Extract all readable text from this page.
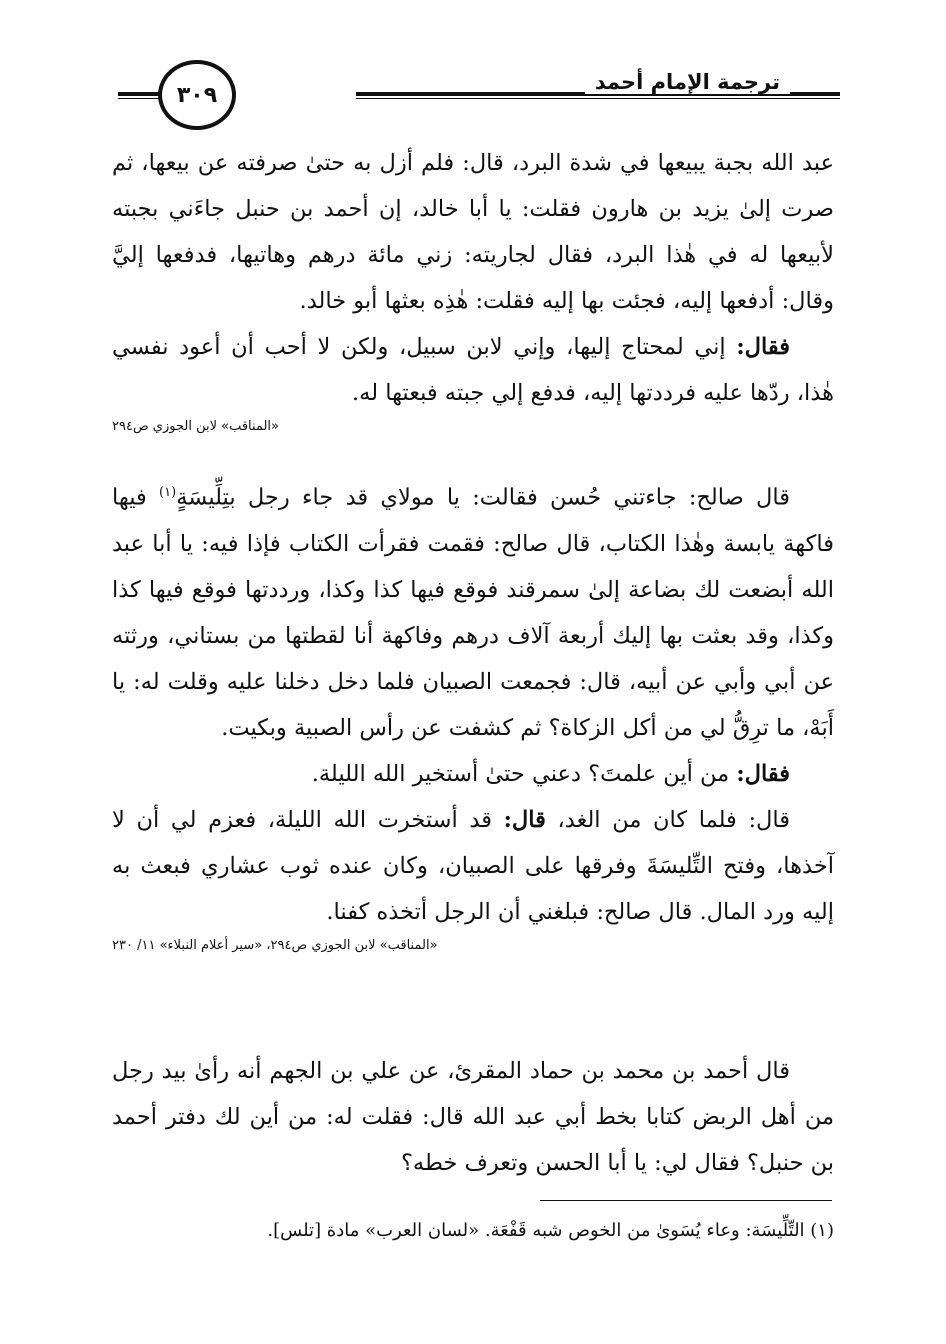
ترجمة الإمام أحمد
٣٠٩

عبد الله بجبة يبيعها في شدة البرد، قال: فلم أزل به حتىٰ صرفته عن بيعها، ثم صرت إلىٰ يزيد بن هارون فقلت: يا أبا خالد، إن أحمد بن حنبل جاءَني بجبته لأبيعها له في هٰذا البرد، فقال لجاريته: زني مائة درهم وهاتيها، فدفعها إليَّ وقال: أدفعها إليه، فجئت بها إليه فقلت: هٰذِه بعثها أبو خالد.

فقال: إني لمحتاج إليها، وإني لابن سبيل، ولكن لا أحب أن أعود نفسي هٰذا، ردّها عليه فرددتها إليه، فدفع إلي جبته فبعتها له.

«المناقب» لابن الجوزي ص٢٩٤

قال صالح: جاءتني حُسن فقالت: يا مولاي قد جاء رجل بتِلِّيسَةٍ$^{(١)}$ فيها فاكهة يابسة وهٰذا الكتاب، قال صالح: فقمت فقرأت الكتاب فإذا فيه: يا أبا عبد الله أبضعت لك بضاعة إلىٰ سمرقند فوقع فيها كذا وكذا، ورددتها فوقع فيها كذا وكذا، وقد بعثت بها إليك أربعة آلاف درهم وفاكهة أنا لقطتها من بستاني، ورثته عن أبي وأبي عن أبيه، قال: فجمعت الصبيان فلما دخل دخلنا عليه وقلت له: يا أَبَهْ، ما ترِقُّ لي من أكل الزكاة؟ ثم كشفت عن رأس الصبية وبكيت.

فقال: من أين علمتَ؟ دعني حتىٰ أستخير الله الليلة.

قال: فلما كان من الغد، قال: قد أستخرت الله الليلة، فعزم لي أن لا آخذها، وفتح التِّليسَةَ وفرقها على الصبيان، وكان عنده ثوب عشاري فبعث به إليه ورد المال. قال صالح: فبلغني أن الرجل أتخذه كفنا.

«المناقب» لابن الجوزي ص٢٩٤، «سير أعلام النبلاء» ١١/ ٢٣٠

قال أحمد بن محمد بن حماد المقرئ، عن علي بن الجهم أنه رأىٰ بيد رجل من أهل الربض كتابا بخط أبي عبد الله قال: فقلت له: من أين لك دفتر أحمد بن حنبل؟ فقال لي: يا أبا الحسن وتعرف خطه؟

(١) التِّلِّيسَة: وعاء يُسَوىٰ من الخوص شبه قَفْعَة. «لسان العرب» مادة [تلس].
